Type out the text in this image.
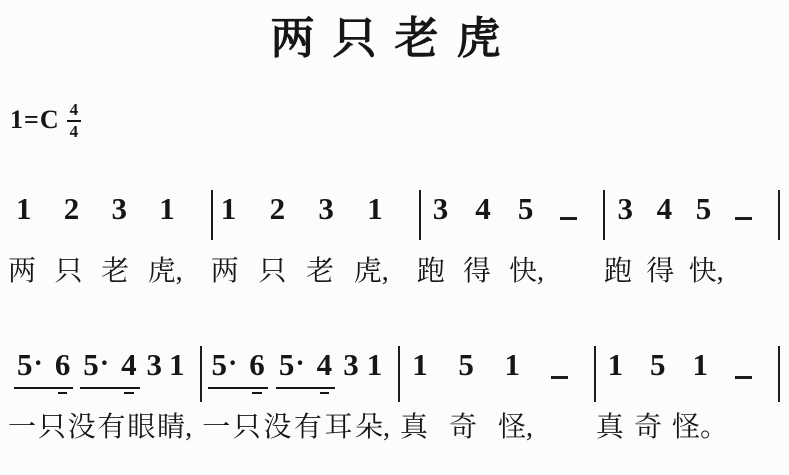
两只老虎
$1=C \frac{4}{4}$
1 2 3 1 1 2 3 1 3 4 5	3 4 5
两 只 老 虎, 两 只 老 虎, 跑 得 快, 跑 得 快,
5· 6 5· 4 3 1 5· 6 5· 4 3 1 1 5 1	1 5 1
一 只 没 有 眼 睛, 一 只 没 有 耳 朵, 真 奇 怪, 真 奇 怪。
